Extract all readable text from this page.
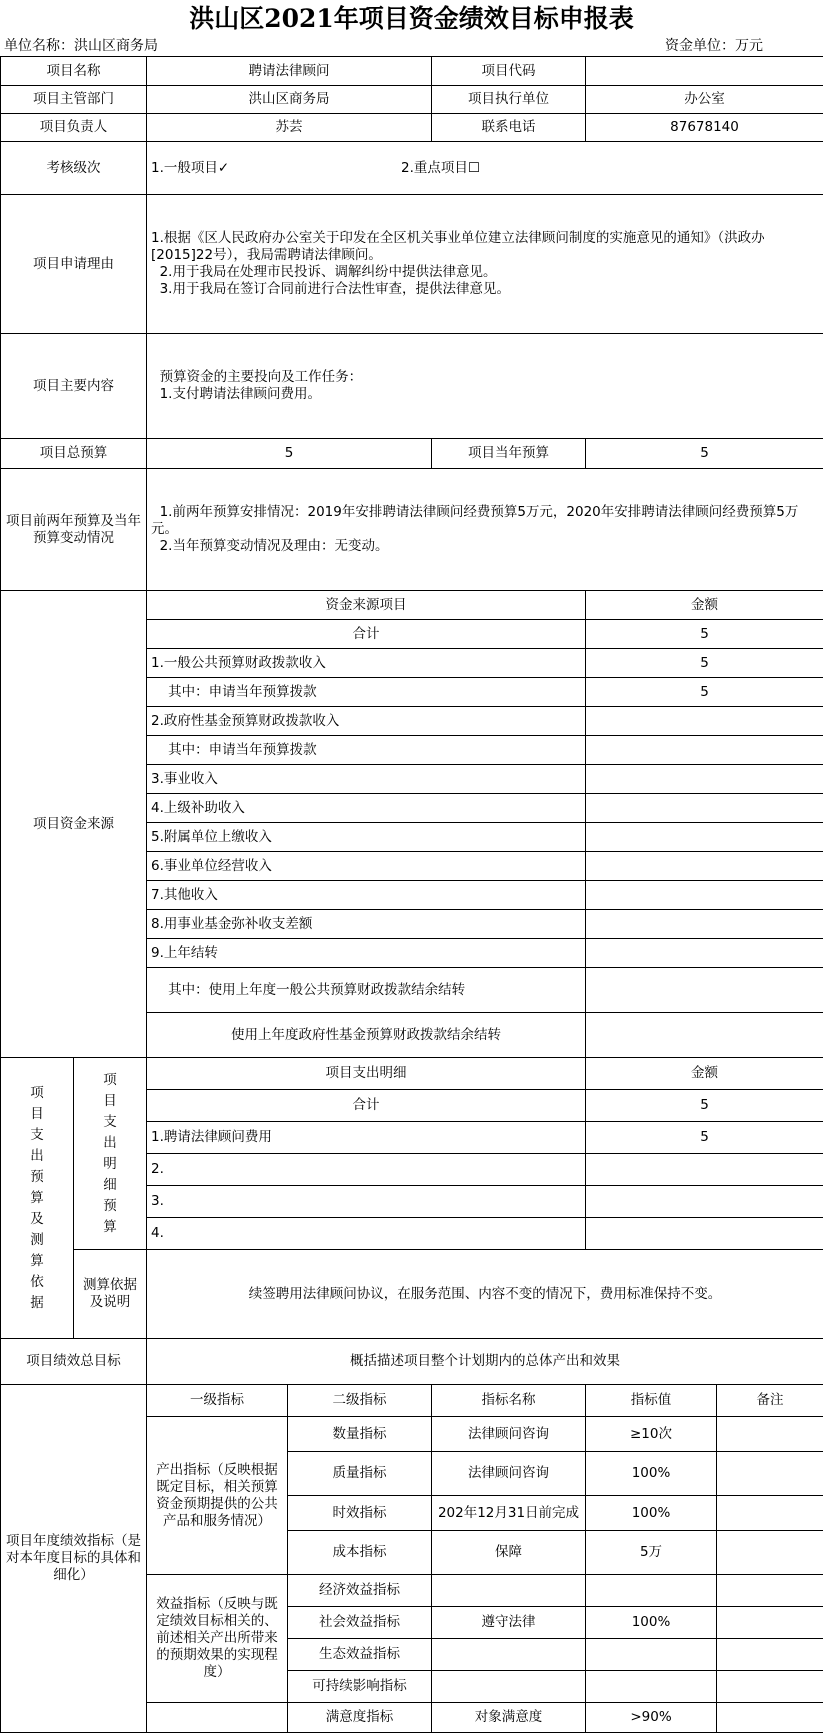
洪山区2021年项目资金绩效目标申报表
单位名称：洪山区商务局	资金单位：万元
项目名称		聘请法律顾问		项目代码		
项目主管部门		洪山区商务局		项目执行单位	办公室	
项目负责人		苏芸		联系电话	87678140	
考核级次		1.一般项目✓ 2.重点项目☐				
项目申请理由		1.根据《区人民政府办公室关于印发在全区机关事业单位建立法律顾问制度的实施意见的通知》（洪政办[2015]22号），我局需聘请法律顾问。
2.用于我局在处理市民投诉、调解纠纷中提供法律意见。
3.用于我局在签订合同前进行合法性审查，提供法律意见。				

项目主要内容		预算资金的主要投向及工作任务：
1.支付聘请法律顾问费用。				

项目总预算		5		项目当年预算	5	
项目前两年预算及当年预算变动情况		1.前两年预算安排情况：2019年安排聘请法律顾问经费预算5万元，2020年安排聘请法律顾问经费预算5万元。
2.当年预算变动情况及理由：无变动。				

项目资金来源		资金来源项目			金额	
		合计			5	
		1.一般公共预算财政拨款收入			5	
		其中：申请当年预算拨款			5	
		2.政府性基金预算财政拨款收入				
		其中：申请当年预算拨款				
		3.事业收入				
		4.上级补助收入				
		5.附属单位上缴收入				
		6.事业单位经营收入				
		7.其他收入				
		8.用事业基金弥补收支差额				
		9.上年结转				
		其中：使用上年度一般公共预算财政拨款结余结转				
		使用上年度政府性基金预算财政拨款结余结转				
项目支出预算及测算依据	项目支出明细预算	项目支出明细			金额	
		合计			5	
		1.聘请法律顾问费用			5	
		2.				
		3.				
		4.				
	测算依据及说明	续签聘用法律顾问协议，在服务范围、内容不变的情况下，费用标准保持不变。				
项目绩效总目标		概括描述项目整个计划期内的总体产出和效果				
项目年度绩效指标（是对本年度目标的具体和细化）		一级指标	二级指标	指标名称	指标值	备注
		产出指标（反映根据既定目标，相关预算资金预期提供的公共产品和服务情况）	数量指标	法律顾问咨询	≥10次	
			质量指标	法律顾问咨询	100%	
			时效指标	202年12月31日前完成	100%	
			成本指标	保障	5万	
		效益指标（反映与既定绩效目标相关的、前述相关产出所带来的预期效果的实现程度）	经济效益指标			
			社会效益指标	遵守法律	100%	
			生态效益指标			
			可持续影响指标			
			满意度指标	对象满意度	>90%	
